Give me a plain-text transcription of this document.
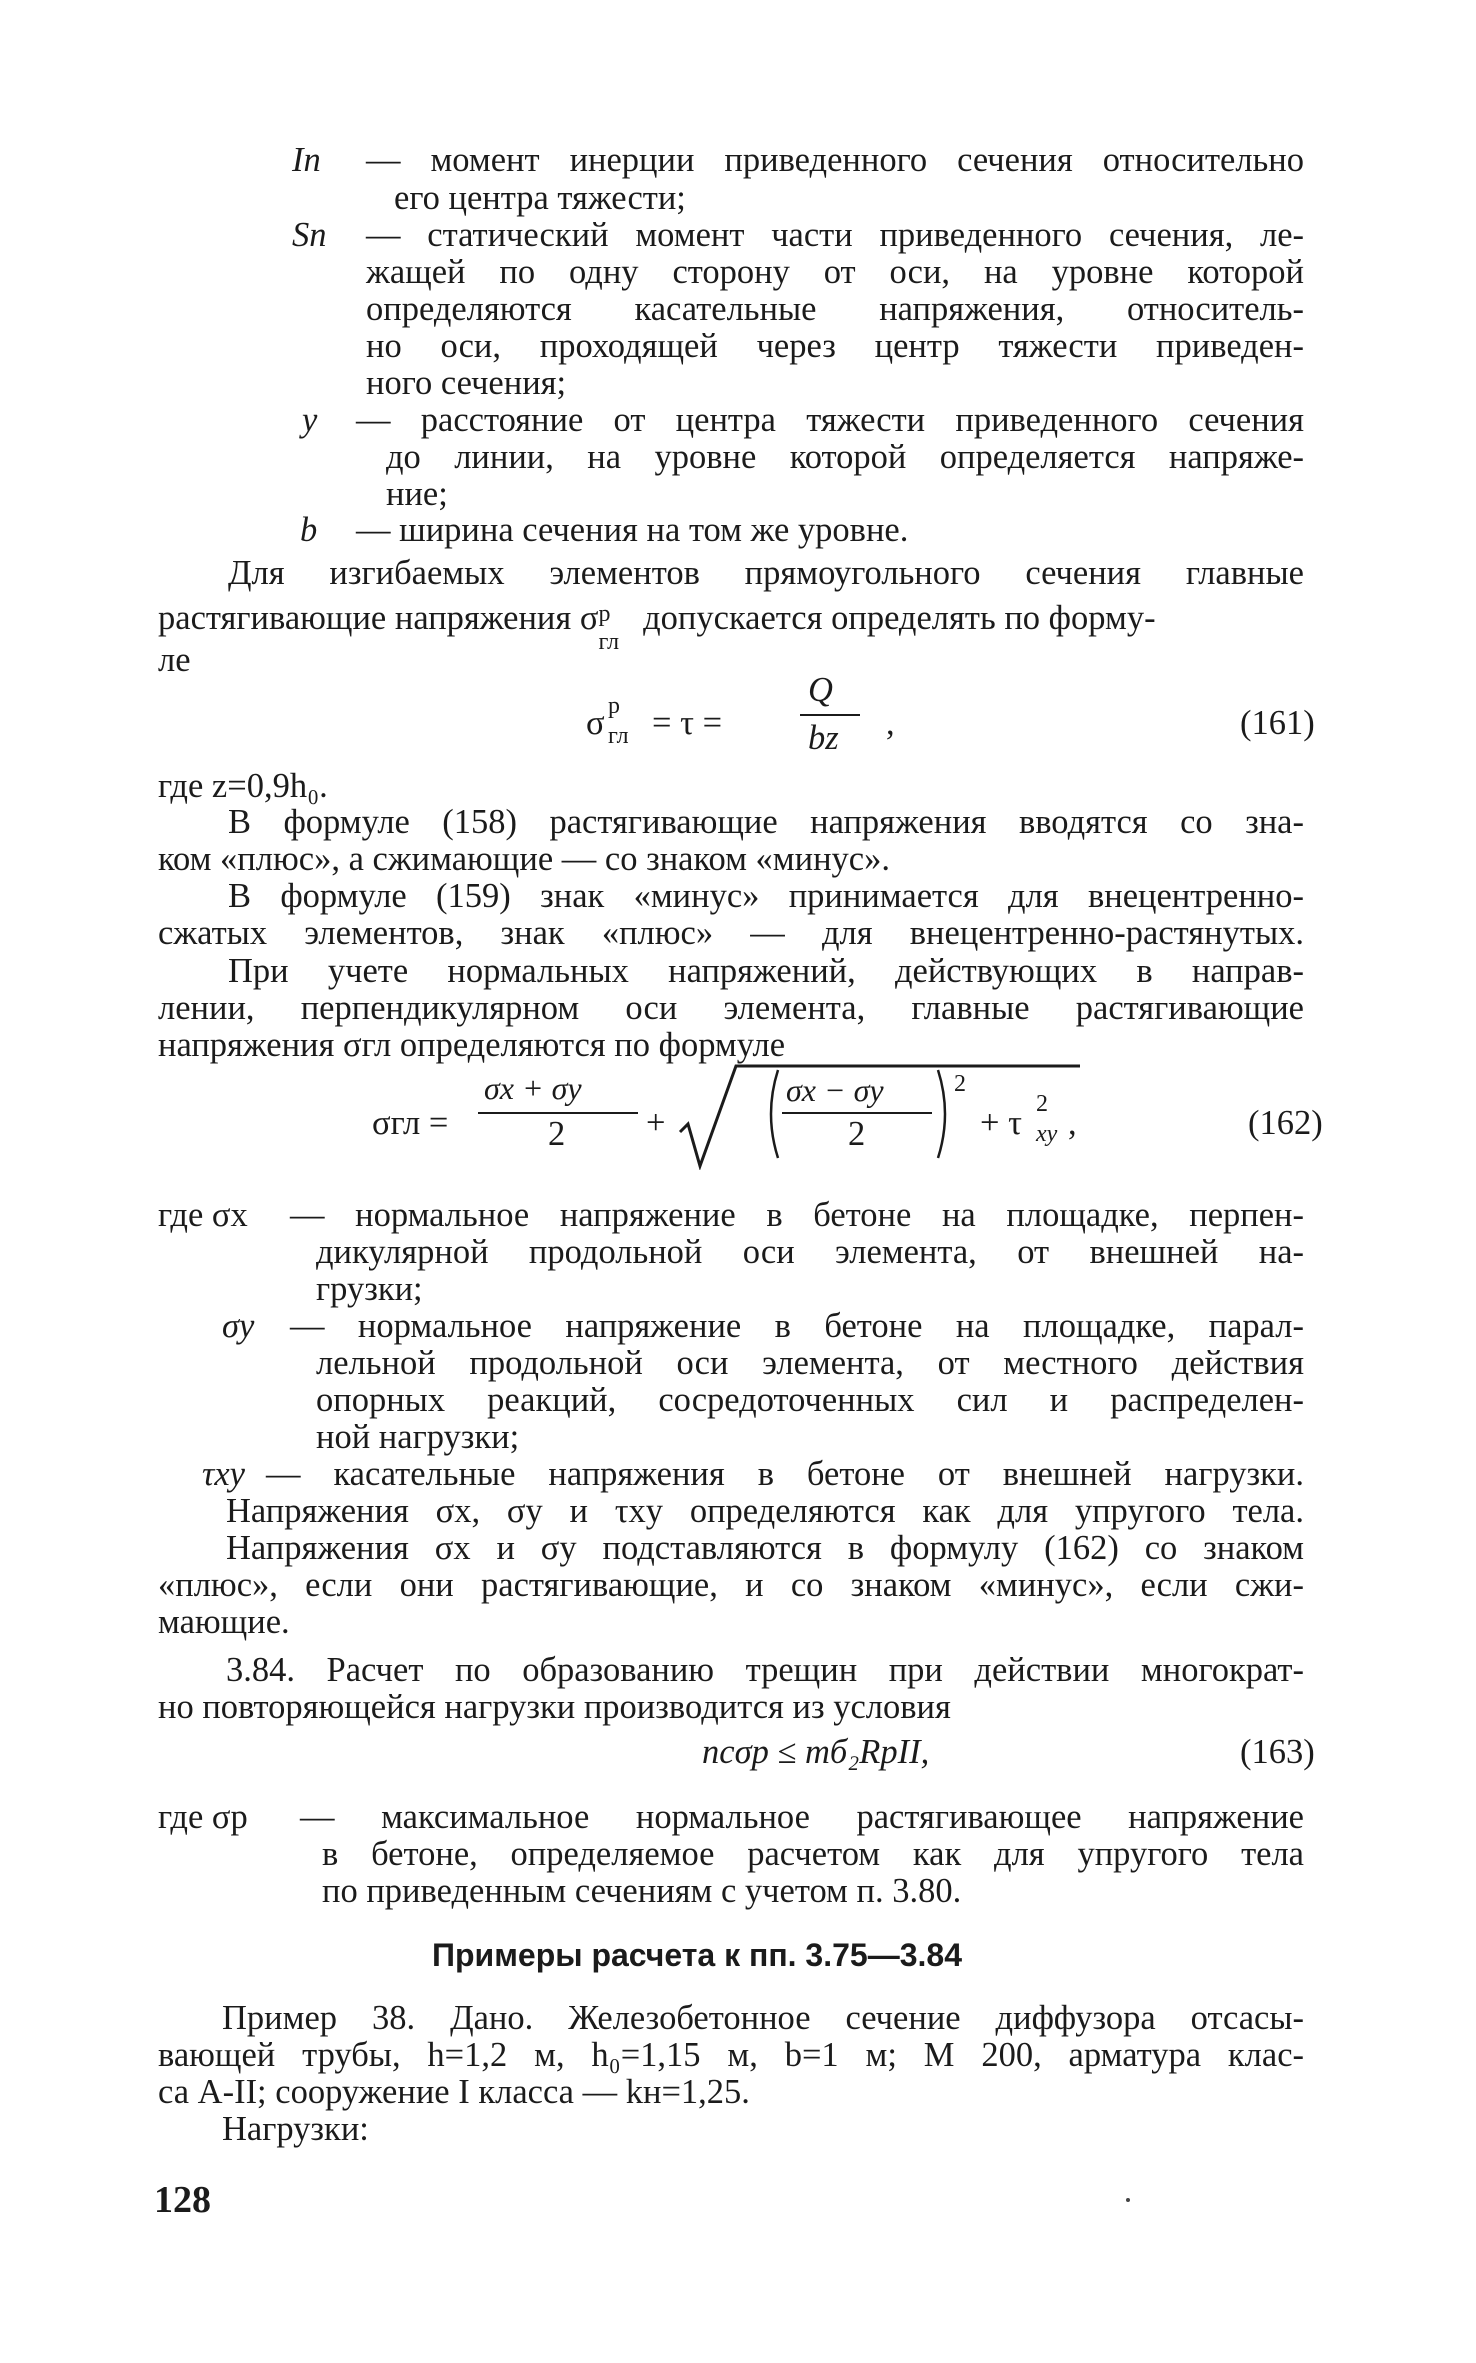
Iп — момент инерции приведенного сечения относительно
его центра тяжести;
Sп — статический момент части приведенного сечения, ле-
жащей по одну сторону от оси, на уровне которой
определяются касательные напряжения, относитель-
но оси, проходящей через центр тяжести приведен-
ного сечения;
y — расстояние от центра тяжести приведенного сечения
до линии, на уровне которой определяется напряже-
ние;
b — ширина сечения на том же уровне.
Для изгибаемых элементов прямоугольного сечения главные
растягивающие напряжения σ р
гл
допускается определять по форму-
ле
σ р
гл = τ =
Q
bz ,	(161)
где z=0,9h₀.
В формуле (158) растягивающие напряжения вводятся со зна-
ком «плюс», а сжимающие — со знаком «минус».
В формуле (159) знак «минус» принимается для внецентренно-
сжатых элементов, знак «плюс» — для внецентренно-растянутых.
При учете нормальных напряжений, действующих в направ-
лении, перпендикулярном оси элемента, главные растягивающие
напряжения σгл определяются по формуле
σгл =
σx + σy
2 +
σx − σy
2
2
+ τ 2
xy ,	(162)
где σx — нормальное напряжение в бетоне на площадке, перпен-
дикулярной продольной оси элемента, от внешней на-
грузки;
σy — нормальное напряжение в бетоне на площадке, парал-
лельной продольной оси элемента, от местного действия
опорных реакций, сосредоточенных сил и распределен-
ной нагрузки;
τxy — касательные напряжения в бетоне от внешней нагрузки.
Напряжения σx, σy и τxy определяются как для упругого тела.
Напряжения σx и σy подставляются в формулу (162) со знаком
«плюс», если они растягивающие, и со знаком «минус», если сжи-
мающие.
3.84. Расчет по образованию трещин при действии многократ-
но повторяющейся нагрузки производится из условия
nсσр ≤ mб₂RpII,	(163)
где σр — максимальное нормальное растягивающее напряжение
в бетоне, определяемое расчетом как для упругого тела
по приведенным сечениям с учетом п. 3.80.
Примеры расчета к пп. 3.75—3.84
Пример 38. Дано. Железобетонное сечение диффузора отсасы-
вающей трубы, h=1,2 м, h₀=1,15 м, b=1 м; М 200, арматура клас-
са А-II; сооружение I класса — kн=1,25.
Нагрузки:
128
